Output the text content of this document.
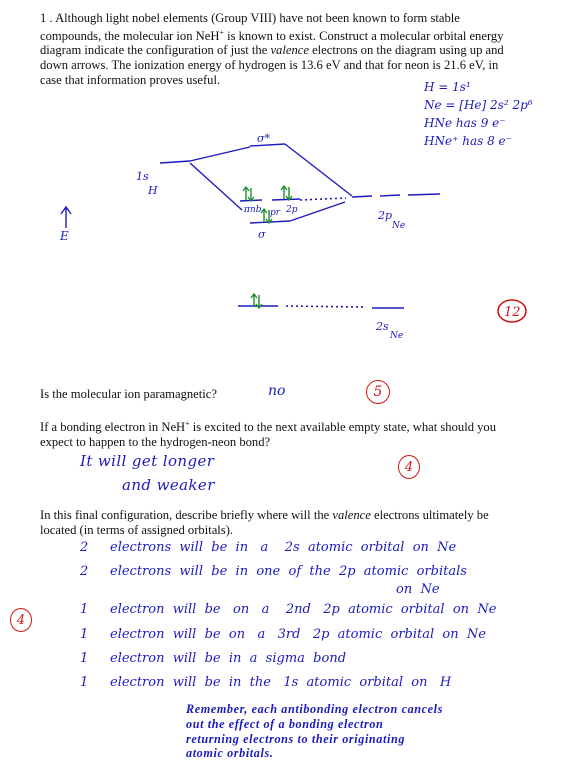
1 . Although light nobel elements (Group VIII) have not been known to form stable
compounds, the molecular ion NeH+ is known to exist. Construct a molecular orbital energy
diagram indicate the configuration of just the valence electrons on the diagram using up and
down arrows. The ionization energy of hydrogen is 13.6 eV and that for neon is 21.6 eV, in
case that information proves useful.
H = 1s¹
Ne = [He] 2s² 2p⁶
HNe has 9 e⁻
HNe⁺ has 8 e⁻
1s
H
σ*
πnb pr 2p
σ
2p
Ne
2s
Ne
E
12
Is the molecular ion paramagnetic?	no	5
If a bonding electron in NeH+ is excited to the next available empty state, what should you
expect to happen to the hydrogen-neon bond?
It will get longer
and weaker
4
In this final configuration, describe briefly where will the valence electrons ultimately be
located (in terms of assigned orbitals).
4
2 electrons  will  be  in   a    2s  atomic  orbital  on  Ne
2 electrons  will  be  in  one  of  the  2p  atomic  orbitals
on  Ne
1 electron  will  be   on   a    2nd   2p  atomic  orbital  on  Ne
1 electron  will  be  on   a   3rd   2p  atomic  orbital  on  Ne
1 electron  will  be  in  a  sigma  bond
1 electron  will  be  in  the   1s  atomic  orbital  on   H
Remember, each antibonding electron cancels
out the effect of a bonding electron
returning electrons to their originating
atomic orbitals.
